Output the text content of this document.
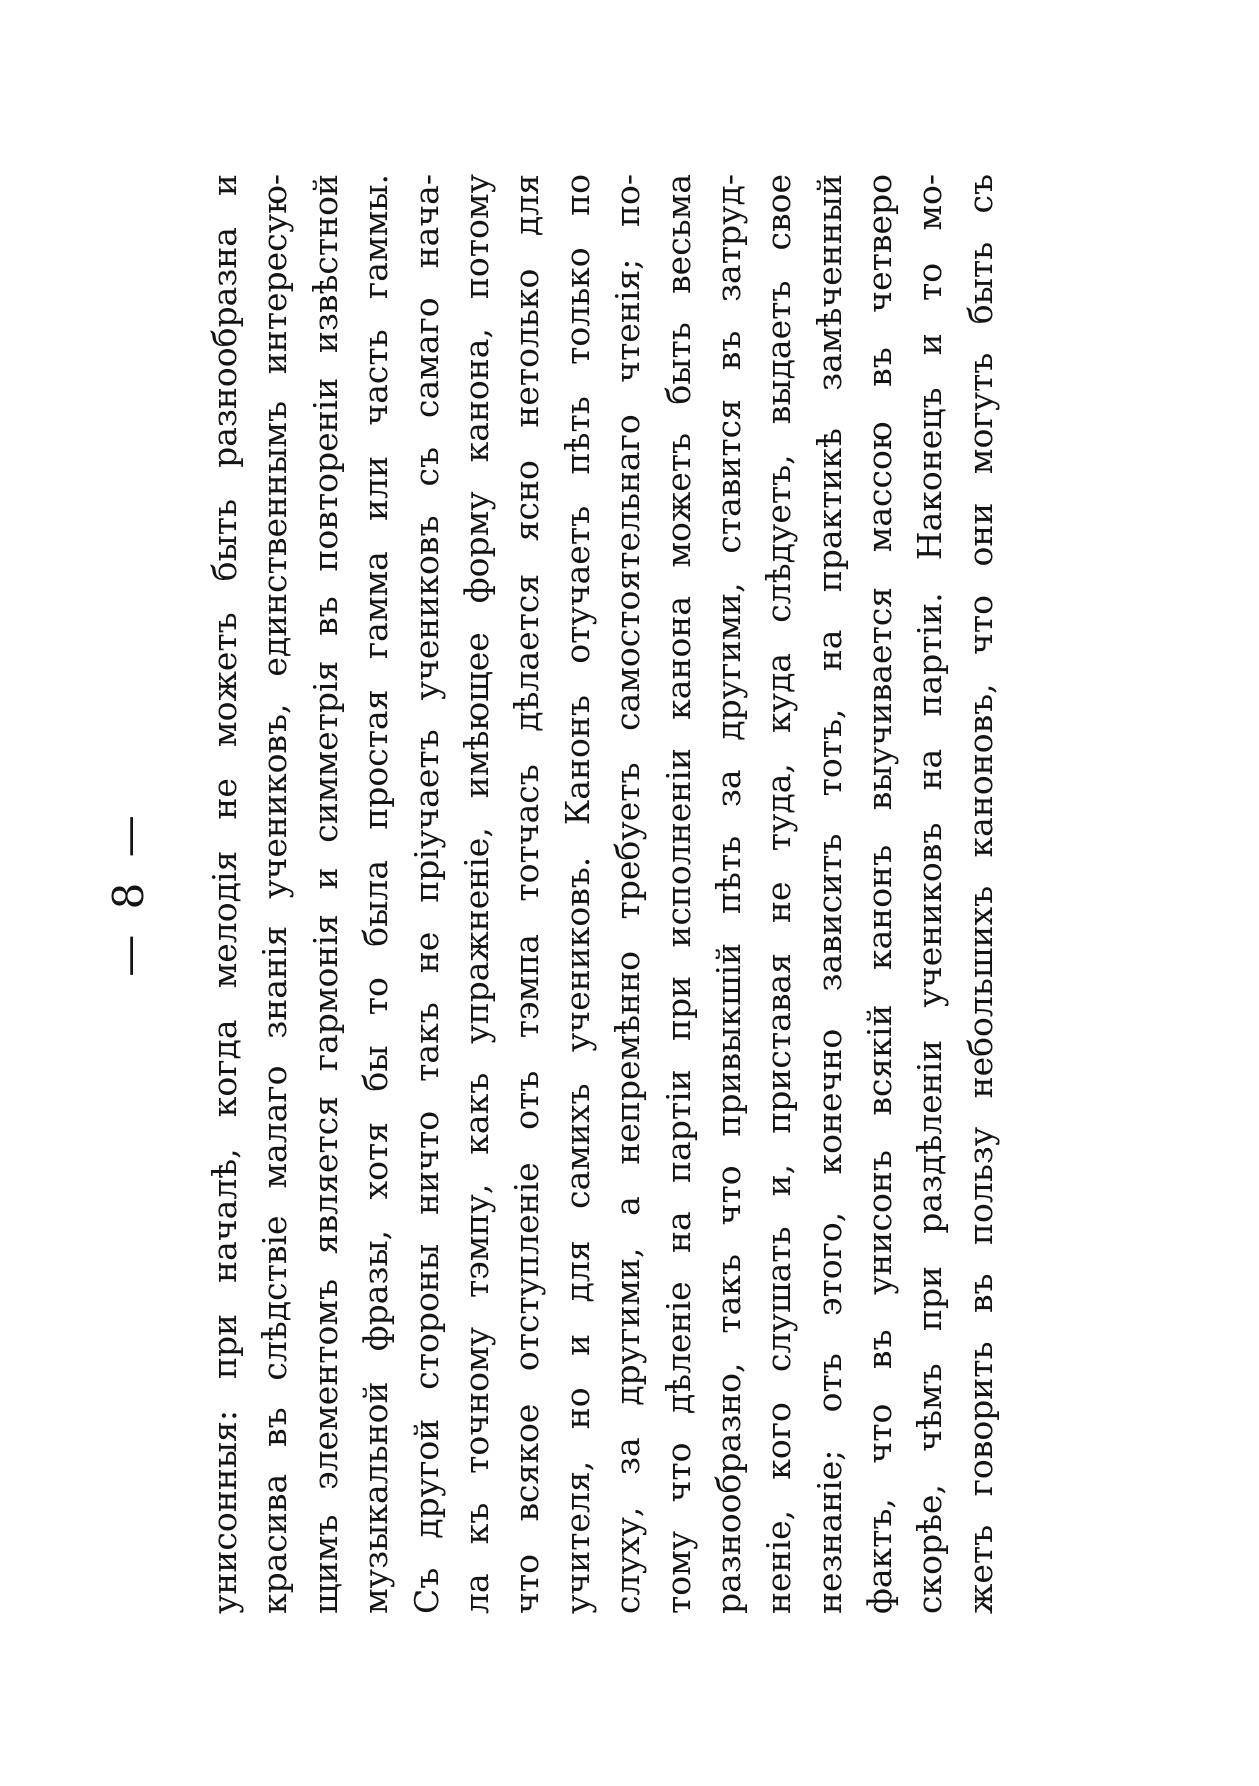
— 8 — унисонныя: при началѣ, когда мелодія не можетъ быть разнообразна и красива въ слѣдствіе малаго знанія учениковъ, единственнымъ интересую- щимъ элементомъ является гармонія и симметрія въ повтореніи извѣстной музыкальной фразы, хотя бы то была простая гамма или часть гаммы. Съ другой стороны ничто такъ не пріучаетъ учениковъ съ самаго нача- ла къ точному тэмпу, какъ упражненіе, имѣющее форму канона, потому что всякое отступленіе отъ тэмпа тотчасъ дѣлается ясно нетолько для учителя, но и для самихъ учениковъ. Канонъ отучаетъ пѣть только по слуху, за другими, а непремѣнно требуетъ самостоятельнаго чтенія; по- тому что дѣленіе на партіи при исполненіи канона можетъ быть весьма разнообразно, такъ что привыкшій пѣть за другими, ставится въ затруд- неніе, кого слушать и, приставая не туда, куда слѣдуетъ, выдаетъ свое незнаніе; отъ этого, конечно зависитъ тотъ, на практикѣ замѣченный фактъ, что въ унисонъ всякій канонъ выучивается массою въ четверо скорѣе, чѣмъ при раздѣленіи учениковъ на партіи. Наконецъ и то мо- жетъ говорить въ пользу небольшихъ каноновъ, что они могутъ быть съ
